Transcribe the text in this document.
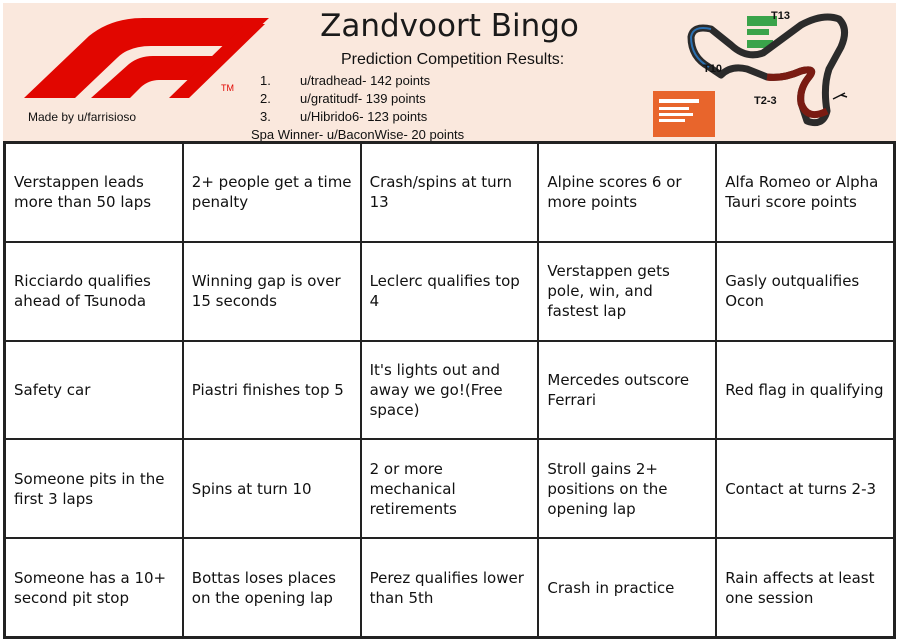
TM
Made by u/farrisioso
Zandvoort Bingo
Prediction Competition Results:
1. u/tradhead- 142 points
2. u/gratitudf- 139 points
3. u/Hibrido6- 123 points
Spa Winner- u/BaconWise- 20 points
T13
T10
T2-3
Verstappen leads more than 50 laps
2+ people get a time penalty
Crash/spins at turn 13
Alpine scores 6 or more points
Alfa Romeo or Alpha Tauri score points
Ricciardo qualifies ahead of Tsunoda
Winning gap is over 15 seconds
Leclerc qualifies top 4
Verstappen gets pole, win, and fastest lap
Gasly outqualifies Ocon
Safety car	Piastri finishes top 5
It's lights out and away we go!(Free space)
Mercedes outscore Ferrari
Red flag in qualifying
Someone pits in the first 3 laps
Spins at turn 10
2 or more mechanical retirements
Stroll gains 2+ positions on the opening lap
Contact at turns 2-3
Someone has a 10+ second pit stop
Bottas loses places on the opening lap
Perez qualifies lower than 5th
Crash in practice
Rain affects at least one session
